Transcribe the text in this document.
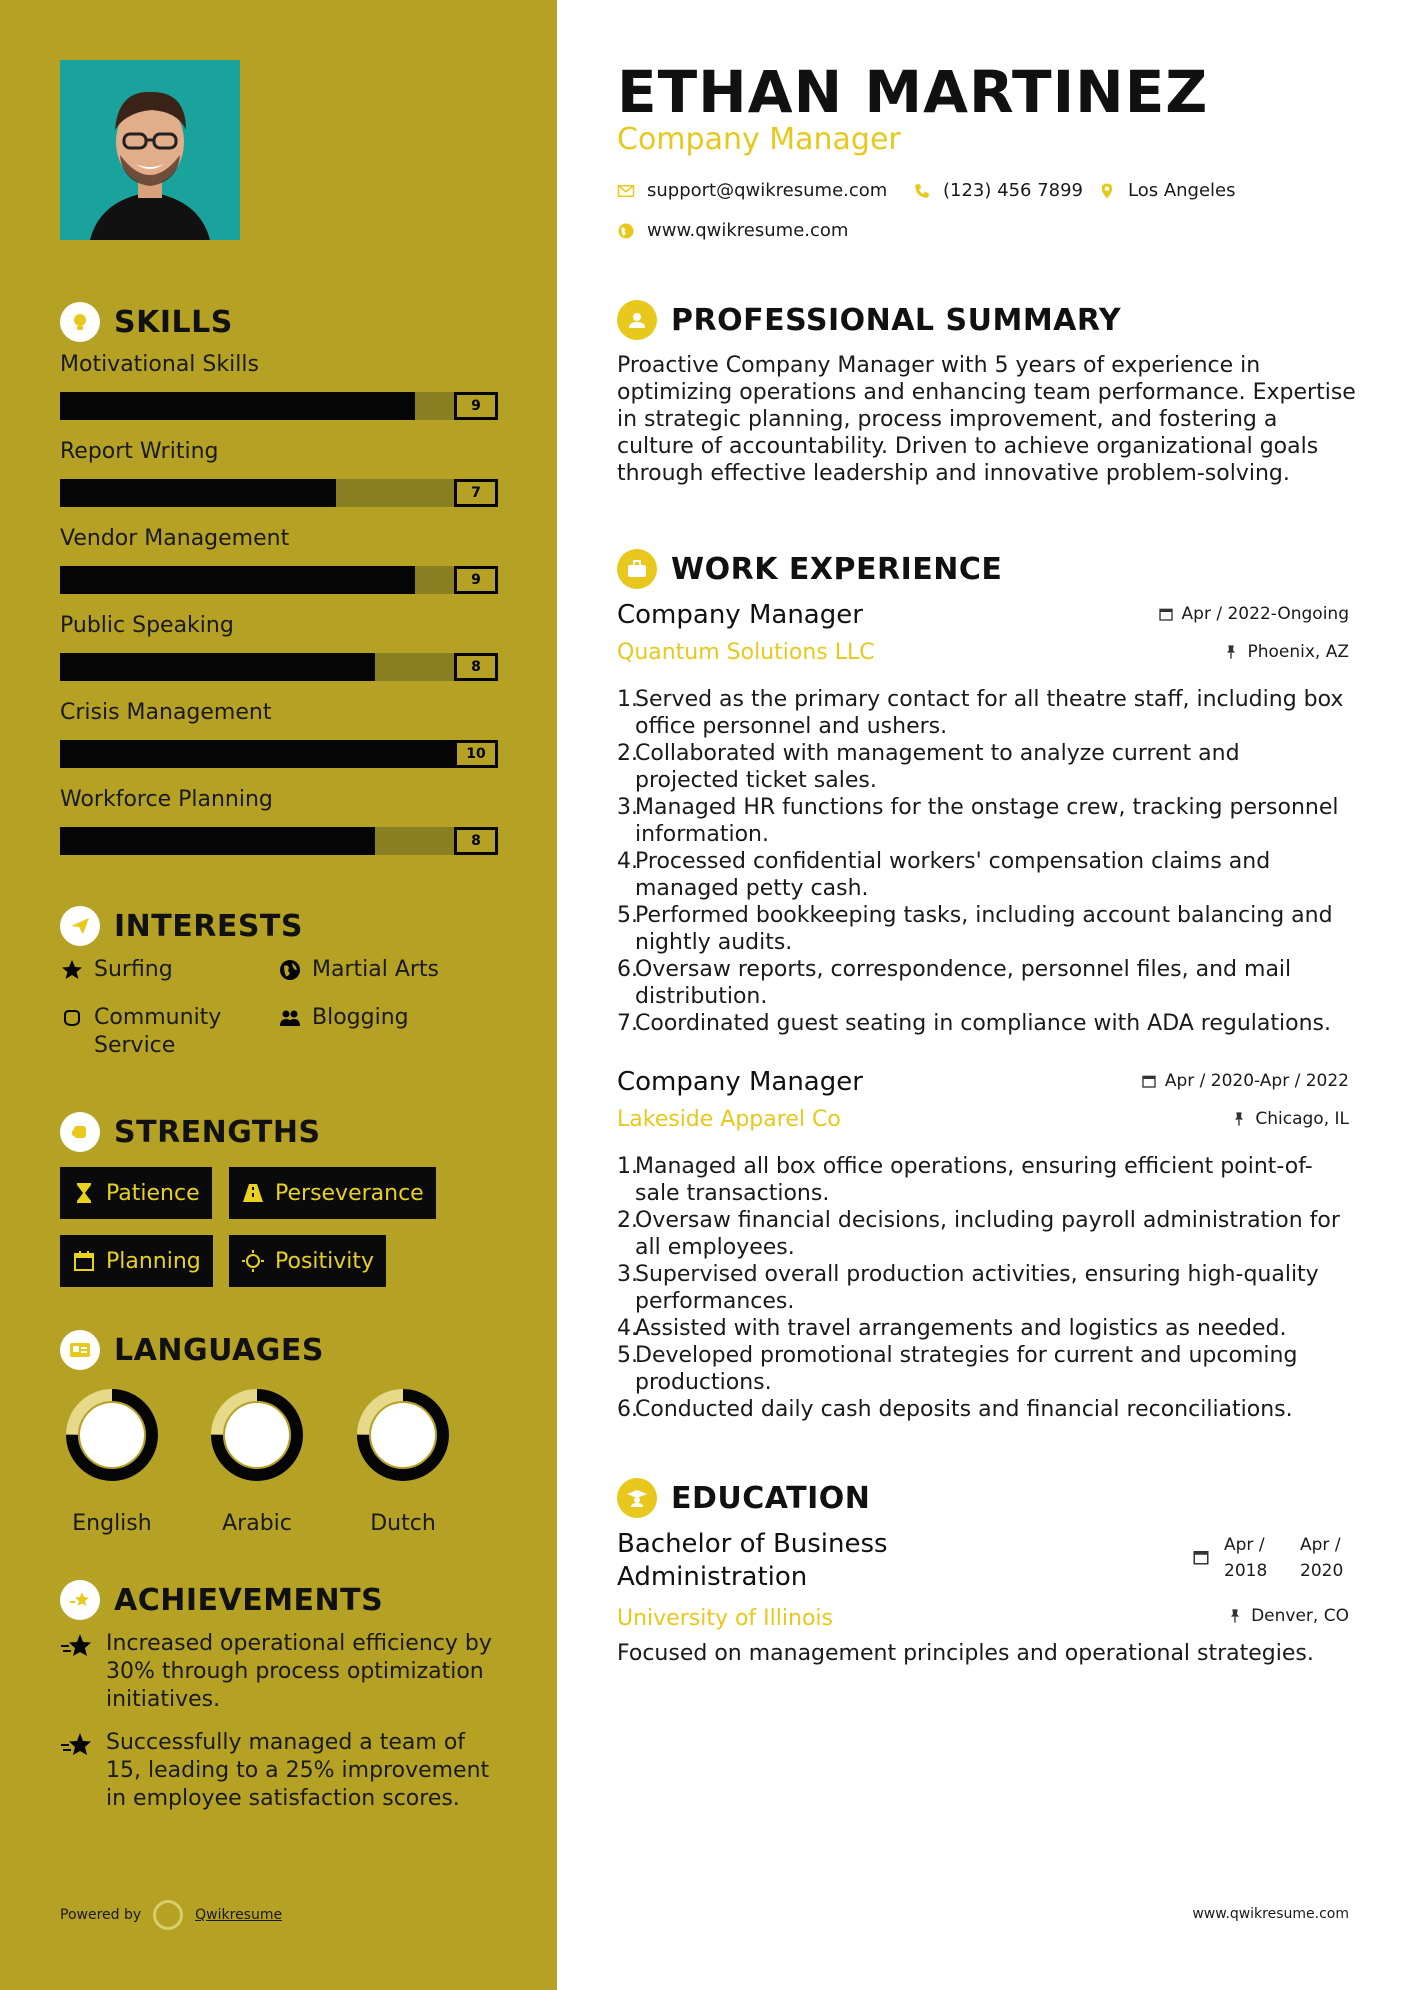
SKILLS
Motivational Skills
9
Report Writing
7
Vendor Management
9
Public Speaking
8
Crisis Management
10
Workforce Planning
8
INTERESTS
Surfing	Martial Arts
Community Service
Blogging
STRENGTHS
Patience	Perseverance
Planning	Positivity
LANGUAGES
English	Arabic	Dutch
ACHIEVEMENTS
Increased operational efficiency by 30% through process optimization initiatives.
Successfully managed a team of 15, leading to a 25% improvement in employee satisfaction scores.
Powered by	Qwikresume
ETHAN MARTINEZ
Company Manager
support@qwikresume.com	(123) 456 7899 Los Angeles
www.qwikresume.com
PROFESSIONAL SUMMARY
Proactive Company Manager with 5 years of experience in optimizing operations and enhancing team performance. Expertise in strategic planning, process improvement, and fostering a culture of accountability. Driven to achieve organizational goals through effective leadership and innovative problem-solving.
WORK EXPERIENCE
Company Manager
Quantum Solutions LLC
Apr / 2022-Ongoing
Phoenix, AZ
1.
Served as the primary contact for all theatre staff, including box office personnel and ushers.
2.
Collaborated with management to analyze current and projected ticket sales.
3.
Managed HR functions for the onstage crew, tracking personnel information.
4.
Processed confidential workers' compensation claims and managed petty cash.
5.
Performed bookkeeping tasks, including account balancing and nightly audits.
6.
Oversaw reports, correspondence, personnel files, and mail distribution.
7.
Coordinated guest seating in compliance with ADA regulations.
Company Manager
Lakeside Apparel Co
Apr / 2020-Apr / 2022
Chicago, IL
1.
Managed all box office operations, ensuring efficient point-of-sale transactions.
2.
Oversaw financial decisions, including payroll administration for all employees.
3.
Supervised overall production activities, ensuring high-quality performances.
4.
Assisted with travel arrangements and logistics as needed.
5.
Developed promotional strategies for current and upcoming productions.
6.
Conducted daily cash deposits and financial reconciliations.
EDUCATION
Bachelor of Business Administration
University of Illinois
Focused on management principles and operational strategies.
Apr / 2018
Apr / 2020
Denver, CO
www.qwikresume.com
